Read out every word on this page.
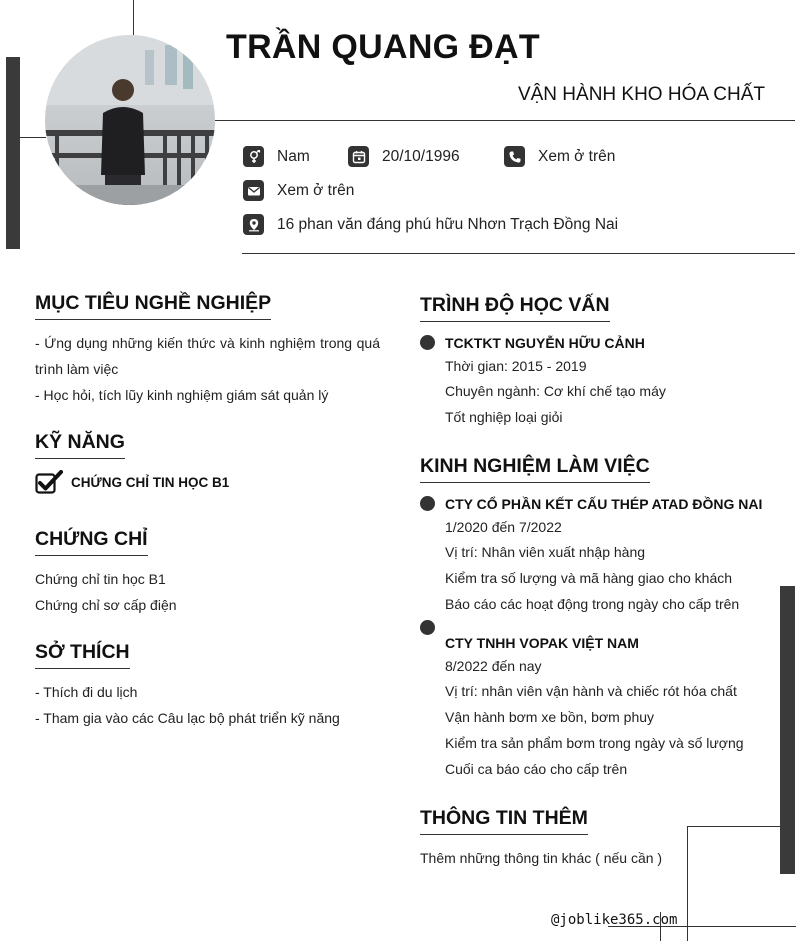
TRẦN QUANG ĐẠT
VẬN HÀNH KHO HÓA CHẤT
Nam	20/10/1996	Xem ở trên
Xem ở trên
16 phan văn đáng phú hữu Nhơn Trạch Đồng Nai
MỤC TIÊU NGHỀ NGHIỆP
- Ứng dụng những kiến thức và kinh nghiệm trong quá trình làm việc
- Học hỏi, tích lũy kinh nghiệm giám sát quản lý
KỸ NĂNG
CHỨNG CHỈ TIN HỌC B1
CHỨNG CHỈ
Chứng chỉ tin học B1
Chứng chỉ sơ cấp điện
SỞ THÍCH
- Thích đi du lịch
- Tham gia vào các Câu lạc bộ phát triển kỹ năng
TRÌNH ĐỘ HỌC VẤN
TCKTKT NGUYỄN HỮU CẢNH
Thời gian: 2015 - 2019
Chuyên ngành: Cơ khí chế tạo máy
Tốt nghiệp loại giỏi
KINH NGHIỆM LÀM VIỆC
CTY CỔ PHẦN KẾT CẤU THÉP ATAD ĐỒNG NAI
1/2020 đến 7/2022
Vị trí: Nhân viên xuất nhập hàng
Kiểm tra số lượng và mã hàng giao cho khách
Báo cáo các hoạt động trong ngày cho cấp trên
CTY TNHH VOPAK VIỆT NAM
8/2022 đến nay
Vị trí: nhân viên vận hành và chiếc rót hóa chất
Vận hành bơm xe bồn, bơm phuy
Kiểm tra sản phẩm bơm trong ngày và số lượng
Cuối ca báo cáo cho cấp trên
THÔNG TIN THÊM
Thêm những thông tin khác ( nếu cần )
@joblike365.com
